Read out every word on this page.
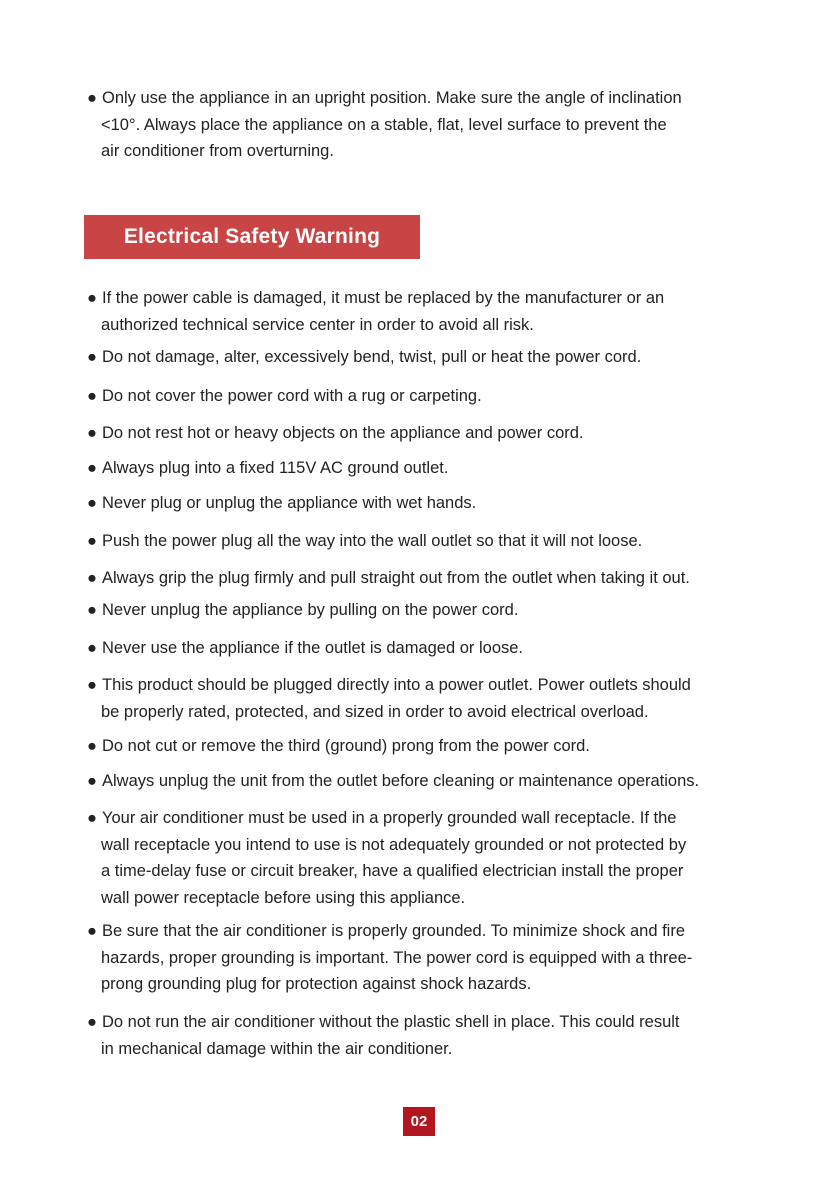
● Only use the appliance in an upright position. Make sure the angle of inclination
<10°. Always place the appliance on a stable, flat, level surface to prevent the
air conditioner from overturning.

Electrical Safety Warning

● If the power cable is damaged, it must be replaced by the manufacturer or an
authorized technical service center in order to avoid all risk.

● Do not damage, alter, excessively bend, twist, pull or heat the power cord.

● Do not cover the power cord with a rug or carpeting.

● Do not rest hot or heavy objects on the appliance and power cord.

● Always plug into a fixed 115V AC ground outlet.

● Never plug or unplug the appliance with wet hands.

● Push the power plug all the way into the wall outlet so that it will not loose.

● Always grip the plug firmly and pull straight out from the outlet when taking it out.

● Never unplug the appliance by pulling on the power cord.

● Never use the appliance if the outlet is damaged or loose.

● This product should be plugged directly into a power outlet. Power outlets should
be properly rated, protected, and sized in order to avoid electrical overload.

● Do not cut or remove the third (ground) prong from the power cord.

● Always unplug the unit from the outlet before cleaning or maintenance operations.

● Your air conditioner must be used in a properly grounded wall receptacle. If the
wall receptacle you intend to use is not adequately grounded or not protected by
a time-delay fuse or circuit breaker, have a qualified electrician install the proper
wall power receptacle before using this appliance.

● Be sure that the air conditioner is properly grounded. To minimize shock and fire
hazards, proper grounding is important. The power cord is equipped with a three-
prong grounding plug for protection against shock hazards.

● Do not run the air conditioner without the plastic shell in place. This could result
in mechanical damage within the air conditioner.

02
